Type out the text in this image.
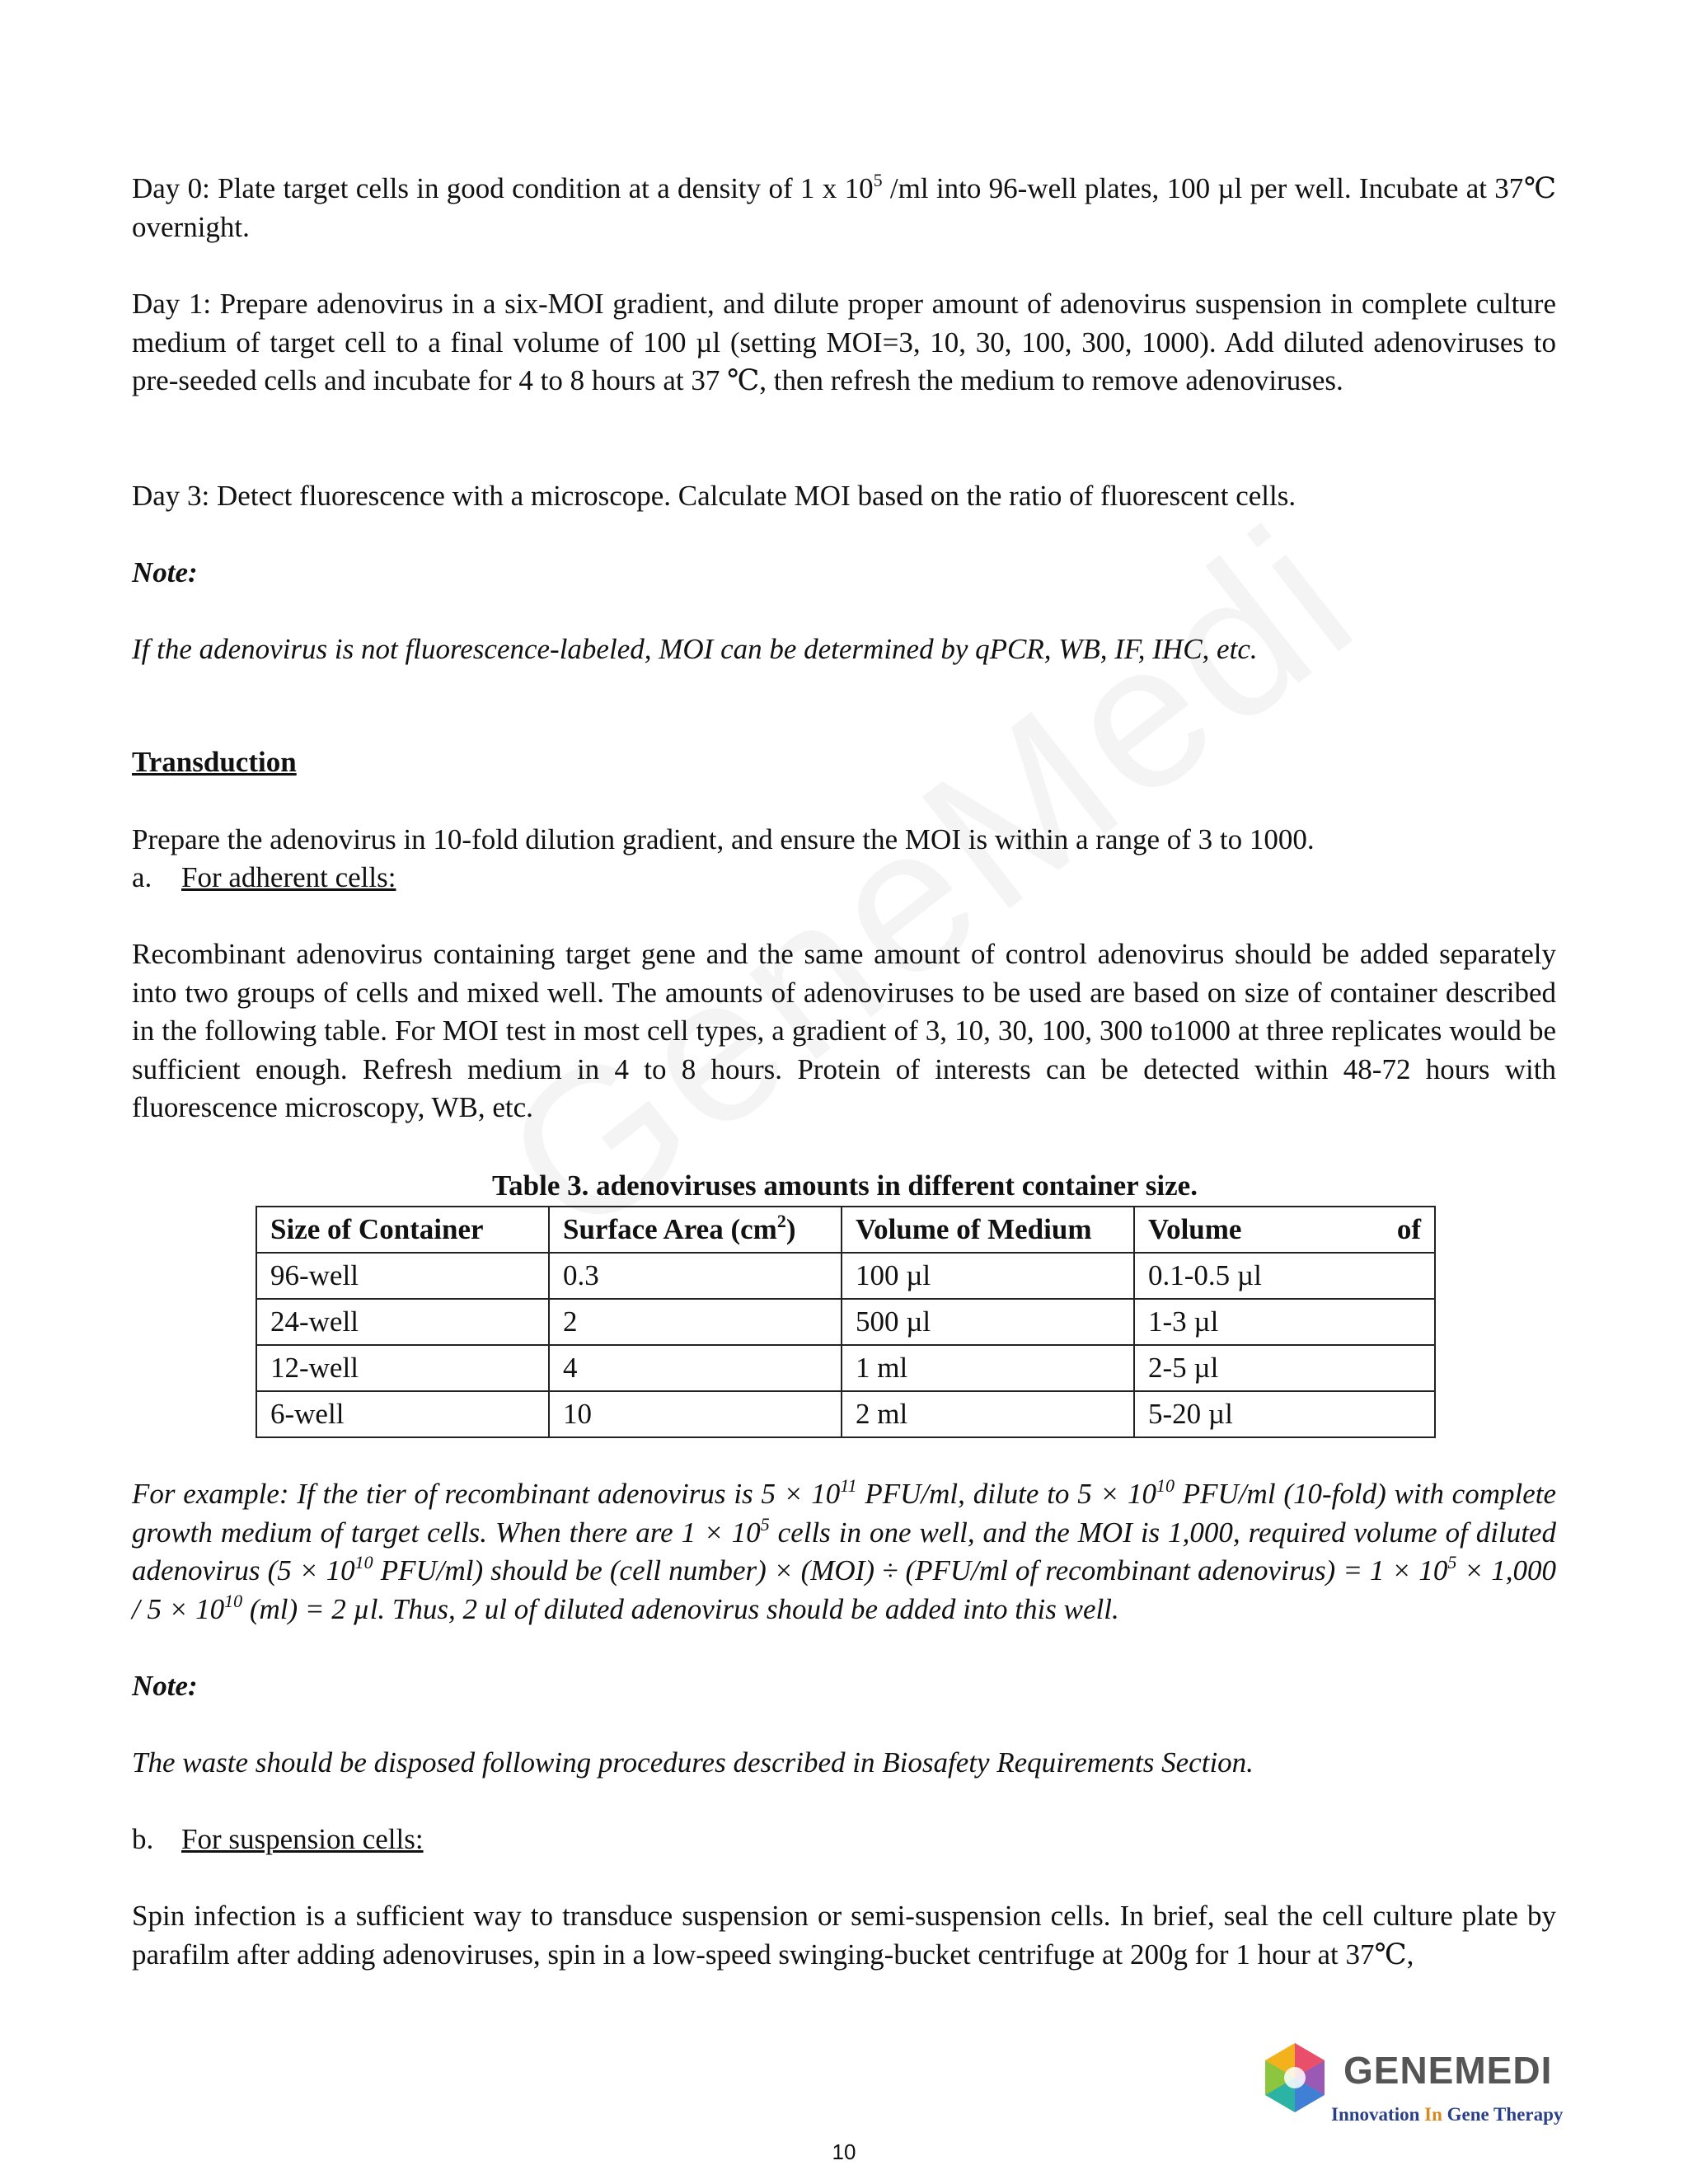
Day 0: Plate target cells in good condition at a density of 1 x $10^5$ /ml into 96-well plates, 100 µl per well. Incubate at 37℃ overnight.

Day 1: Prepare adenovirus in a six-MOI gradient, and dilute proper amount of adenovirus suspension in complete culture medium of target cell to a final volume of 100 µl (setting MOI=3, 10, 30, 100, 300, 1000). Add diluted adenoviruses to pre-seeded cells and incubate for 4 to 8 hours at 37 ℃, then refresh the medium to remove adenoviruses.

Day 3: Detect fluorescence with a microscope. Calculate MOI based on the ratio of fluorescent cells.

Note:

If the adenovirus is not fluorescence-labeled, MOI can be determined by qPCR, WB, IF, IHC, etc.

Transduction

Prepare the adenovirus in 10-fold dilution gradient, and ensure the MOI is within a range of 3 to 1000.

a. For adherent cells:

Recombinant adenovirus containing target gene and the same amount of control adenovirus should be added separately into two groups of cells and mixed well. The amounts of adenoviruses to be used are based on size of container described in the following table. For MOI test in most cell types, a gradient of 3, 10, 30, 100, 300 to1000 at three replicates would be sufficient enough. Refresh medium in 4 to 8 hours. Protein of interests can be detected within 48-72 hours with fluorescence microscopy, WB, etc.

Table 3. adenoviruses amounts in different container size.
Size of Container	Surface Area $(cm^2)$	Volume of Medium	Volume of

96-well	0.3	100 µl	0.1-0.5 µl
24-well	2	500 µl	1-3 µl
12-well	4	1 ml	2-5 µl
6-well	10	2 ml	5-20 µl

For example: If the tier of recombinant adenovirus is $5 \times 10^{11}$ PFU/ml, dilute to $5 \times 10^{10}$ PFU/ml (10-fold) with complete growth medium of target cells. When there are $1 \times 10^5$ cells in one well, and the MOI is 1,000, required volume of diluted adenovirus ($5 \times 10^{10}$ PFU/ml) should be (cell number) × (MOI) ÷ (PFU/ml of recombinant adenovirus) = $1 \times 10^5 \times 1,000 / 5 \times 10^{10}$ (ml) = 2 µl. Thus, 2 ul of diluted adenovirus should be added into this well.

Note:

The waste should be disposed following procedures described in Biosafety Requirements Section.

b. For suspension cells:

Spin infection is a sufficient way to transduce suspension or semi-suspension cells. In brief, seal the cell culture plate by parafilm after adding adenoviruses, spin in a low-speed swinging-bucket centrifuge at 200g for 1 hour at 37℃,

GENEMEDI
Innovation In Gene Therapy
10
